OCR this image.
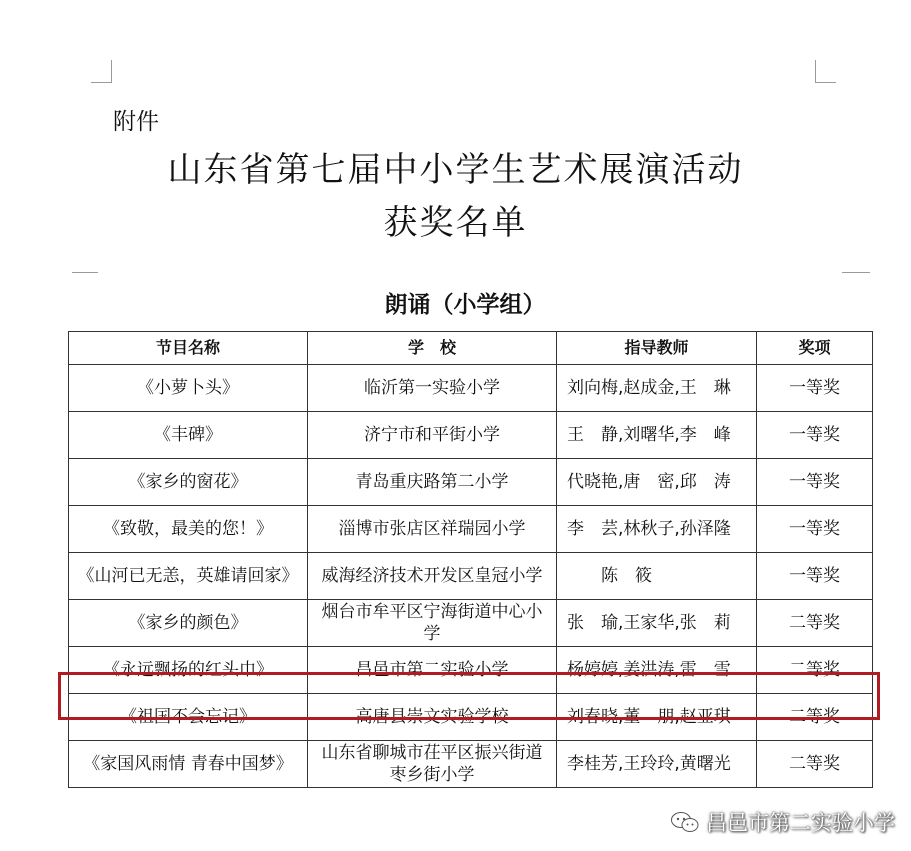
附件
山东省第七届中小学生艺术展演活动
获奖名单
朗诵（小学组）
节目名称	学　校	指导教师	奖项
《小萝卜头》	临沂第一实验小学	刘向梅,赵成金,王　琳	一等奖
《丰碑》	济宁市和平街小学	王　静,刘曙华,李　峰	一等奖
《家乡的窗花》	青岛重庆路第二小学	代晓艳,唐　密,邱　涛	一等奖
《致敬，最美的您！》	淄博市张店区祥瑞园小学	李　芸,林秋子,孙泽隆	一等奖
《山河已无恙，英雄请回家》	威海经济技术开发区皇冠小学	　　陈　筱	一等奖
《家乡的颜色》	烟台市牟平区宁海街道中心小学	张　瑜,王家华,张　莉	二等奖
《永远飘扬的红头巾》	昌邑市第二实验小学	杨婷婷,姜洪涛,雷　雪	二等奖
《祖国不会忘记》	高唐县崇文实验学校	刘春晓,董　朋,赵亚琪	二等奖
《家国风雨情 青春中国梦》	山东省聊城市茌平区振兴街道枣乡街小学	李桂芳,王玲玲,黄曙光	二等奖
昌邑市第二实验小学
